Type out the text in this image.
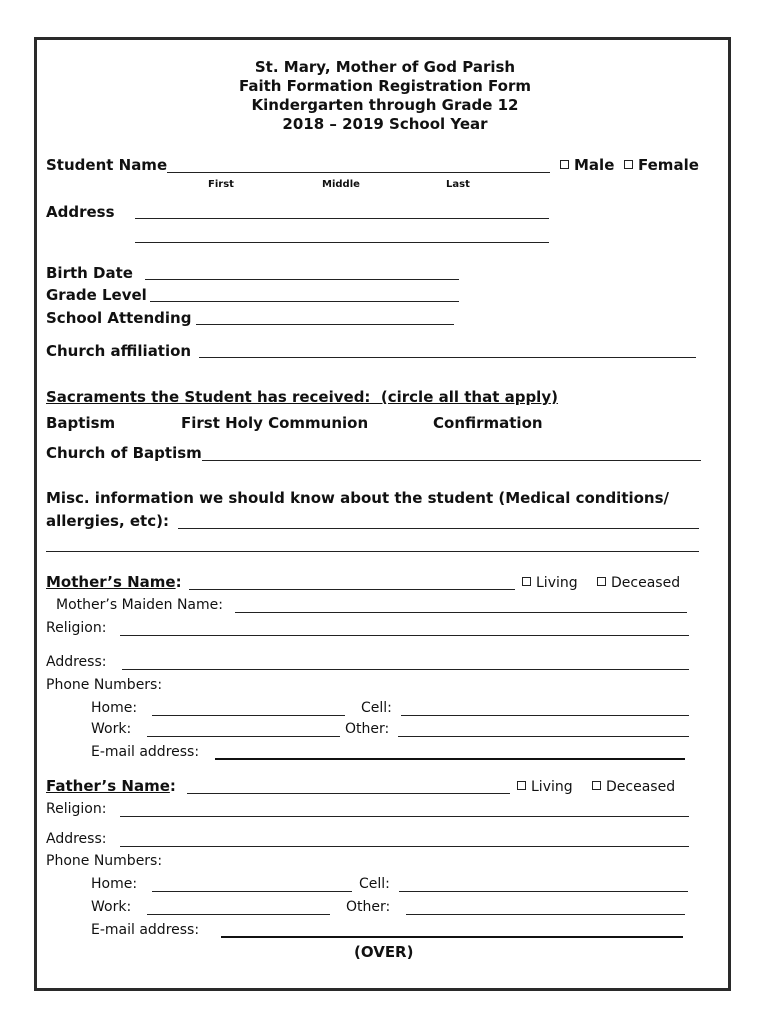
St. Mary, Mother of God Parish
Faith Formation Registration Form
Kindergarten through Grade 12
2018 – 2019 School Year
Student Name	Male	Female
First	Middle	Last
Address
Birth Date
Grade Level
School Attending
Church affiliation
Sacraments the Student has received:  (circle all that apply)
Baptism	First Holy Communion	Confirmation
Church of Baptism
Misc. information we should know about the student (Medical conditions/
allergies, etc):
Mother’s Name:	Living	Deceased
Mother’s Maiden Name:
Religion:
Address:
Phone Numbers:
Home:	Cell:
Work:	Other:
E-mail address:
Father’s Name:	Living	Deceased
Religion:
Address:
Phone Numbers:
Home:	Cell:
Work:	Other:
E-mail address:
(OVER)
